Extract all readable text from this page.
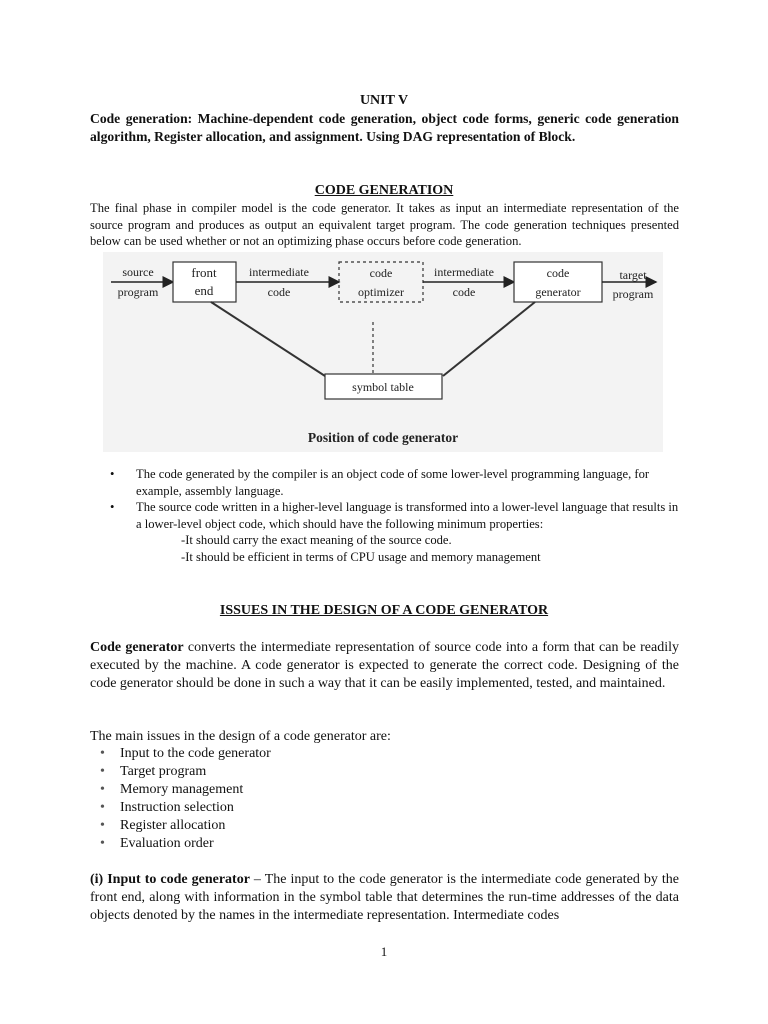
UNIT V
Code generation: Machine-dependent code generation, object code forms, generic code generation algorithm, Register allocation, and assignment. Using DAG representation of Block.
CODE GENERATION
The final phase in compiler model is the code generator. It takes as input an intermediate representation of the source program and produces as output an equivalent target program. The code generation techniques presented below can be used whether or not an optimizing phase occurs before code generation.
source
program
front
end
intermediate
code
code
optimizer
intermediate
code
code
generator
target
program
symbol table
Position of code generator
• The code generated by the compiler is an object code of some lower-level programming language, for example, assembly language.
• The source code written in a higher-level language is transformed into a lower-level language that results in a lower-level object code, which should have the following minimum properties:
-It should carry the exact meaning of the source code.
-It should be efficient in terms of CPU usage and memory management
ISSUES IN THE DESIGN OF A CODE GENERATOR
Code generator converts the intermediate representation of source code into a form that can be readily executed by the machine. A code generator is expected to generate the correct code. Designing of the code generator should be done in such a way that it can be easily implemented, tested, and maintained.
The main issues in the design of a code generator are:
• Input to the code generator
• Target program
• Memory management
• Instruction selection
• Register allocation
• Evaluation order
(i) Input to code generator – The input to the code generator is the intermediate code generated by the front end, along with information in the symbol table that determines the run-time addresses of the data objects denoted by the names in the intermediate representation. Intermediate codes
1
